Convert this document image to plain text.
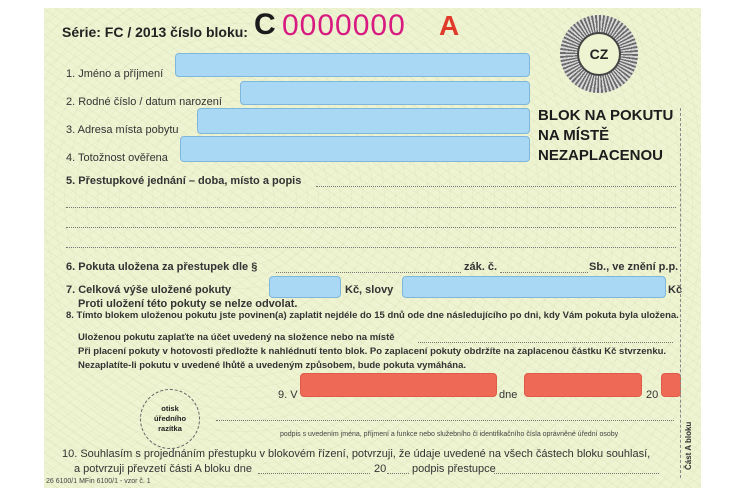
Série: FC / 2013 číslo bloku: C 0000000 A
CZ
BLOK NA POKUTU
NA MÍSTĚ
NEZAPLACENOU
1. Jméno a příjmení
2. Rodné číslo / datum narození
3. Adresa místa pobytu
4. Totožnost ověřena
5. Přestupkové jednání – doba, místo a popis
6. Pokuta uložena za přestupek dle §	zák. č.	Sb., ve znění p.p.
7. Celková výše uložené pokuty	Kč, slovy	Kč
Proti uložení této pokuty se nelze odvolat.
8. Tímto blokem uloženou pokutu jste povinen(a) zaplatit nejdéle do 15 dnů ode dne následujícího po dni, kdy Vám pokuta byla uložena.
Uloženou pokutu zaplaťte na účet uvedený na složence nebo na místě
Při placení pokuty v hotovosti předložte k nahlédnutí tento blok. Po zaplacení pokuty obdržíte na zaplacenou částku Kč stvrzenku.
Nezaplatíte-li pokutu v uvedené lhůtě a uvedeným způsobem, bude pokuta vymáhána.
9. V	dne	20
otisk
úředního
razítka
podpis s uvedením jména, příjmení a funkce nebo služebního či identifikačního čísla oprávněné úřední osoby
10. Souhlasím s projednáním přestupku v blokovém řízení, potvrzuji, že údaje uvedené na všech částech bloku souhlasí,
a potvrzuji převzetí části A bloku dne	20 podpis přestupce
26 6100/1 MFin 6100/1 - vzor č. 1
Část A bloku
